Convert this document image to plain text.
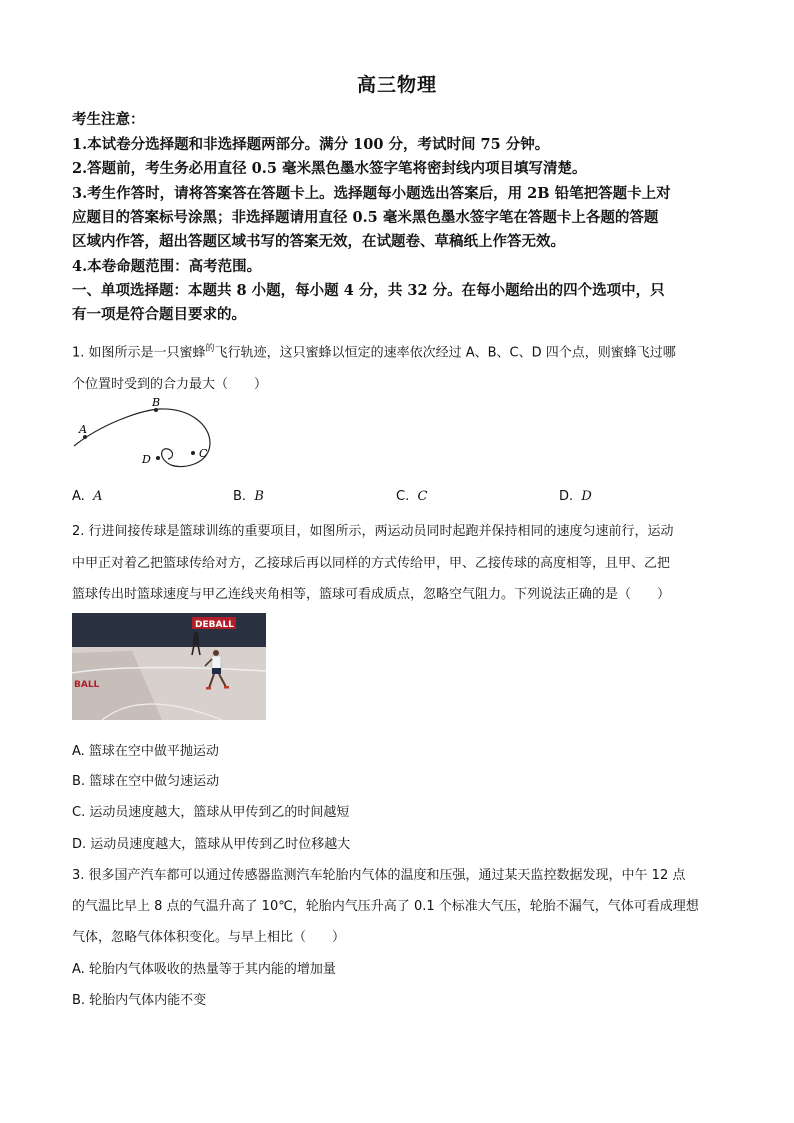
高三物理
考生注意：
1.本试卷分选择题和非选择题两部分。满分 100 分，考试时间 75 分钟。
2.答题前，考生务必用直径 0.5 毫米黑色墨水签字笔将密封线内项目填写清楚。
3.考生作答时，请将答案答在答题卡上。选择题每小题选出答案后，用 2B 铅笔把答题卡上对
应题目的答案标号涂黑；非选择题请用直径 0.5 毫米黑色墨水签字笔在答题卡上各题的答题
区域内作答，超出答题区域书写的答案无效，在试题卷、草稿纸上作答无效。
4.本卷命题范围：高考范围。
一、单项选择题：本题共 8 小题，每小题 4 分，共 32 分。在每小题给出的四个选项中，只
有一项是符合题目要求的。
1. 如图所示是一只蜜蜂$^的$飞行轨迹，这只蜜蜂以恒定的速率依次经过 A、B、C、D 四个点，则蜜蜂飞过哪
个位置时受到的合力最大（　　）
A
B
C
D
A. A	B. B	C. C	D. D
2. 行进间接传球是篮球训练的重要项目，如图所示，两运动员同时起跑并保持相同的速度匀速前行，运动
中甲正对着乙把篮球传给对方，乙接球后再以同样的方式传给甲，甲、乙接传球的高度相等，且甲、乙把
篮球传出时篮球速度与甲乙连线夹角相等，篮球可看成质点，忽略空气阻力。下列说法正确的是（　　）
DEBALL
BALL
A. 篮球在空中做平抛运动
B. 篮球在空中做匀速运动
C. 运动员速度越大，篮球从甲传到乙的时间越短
D. 运动员速度越大，篮球从甲传到乙时位移越大
3. 很多国产汽车都可以通过传感器监测汽车轮胎内气体的温度和压强，通过某天监控数据发现，中午 12 点
的气温比早上 8 点的气温升高了 10℃，轮胎内气压升高了 0.1 个标准大气压，轮胎不漏气，气体可看成理想
气体，忽略气体体积变化。与早上相比（　　）
A. 轮胎内气体吸收的热量等于其内能的增加量
B. 轮胎内气体内能不变
